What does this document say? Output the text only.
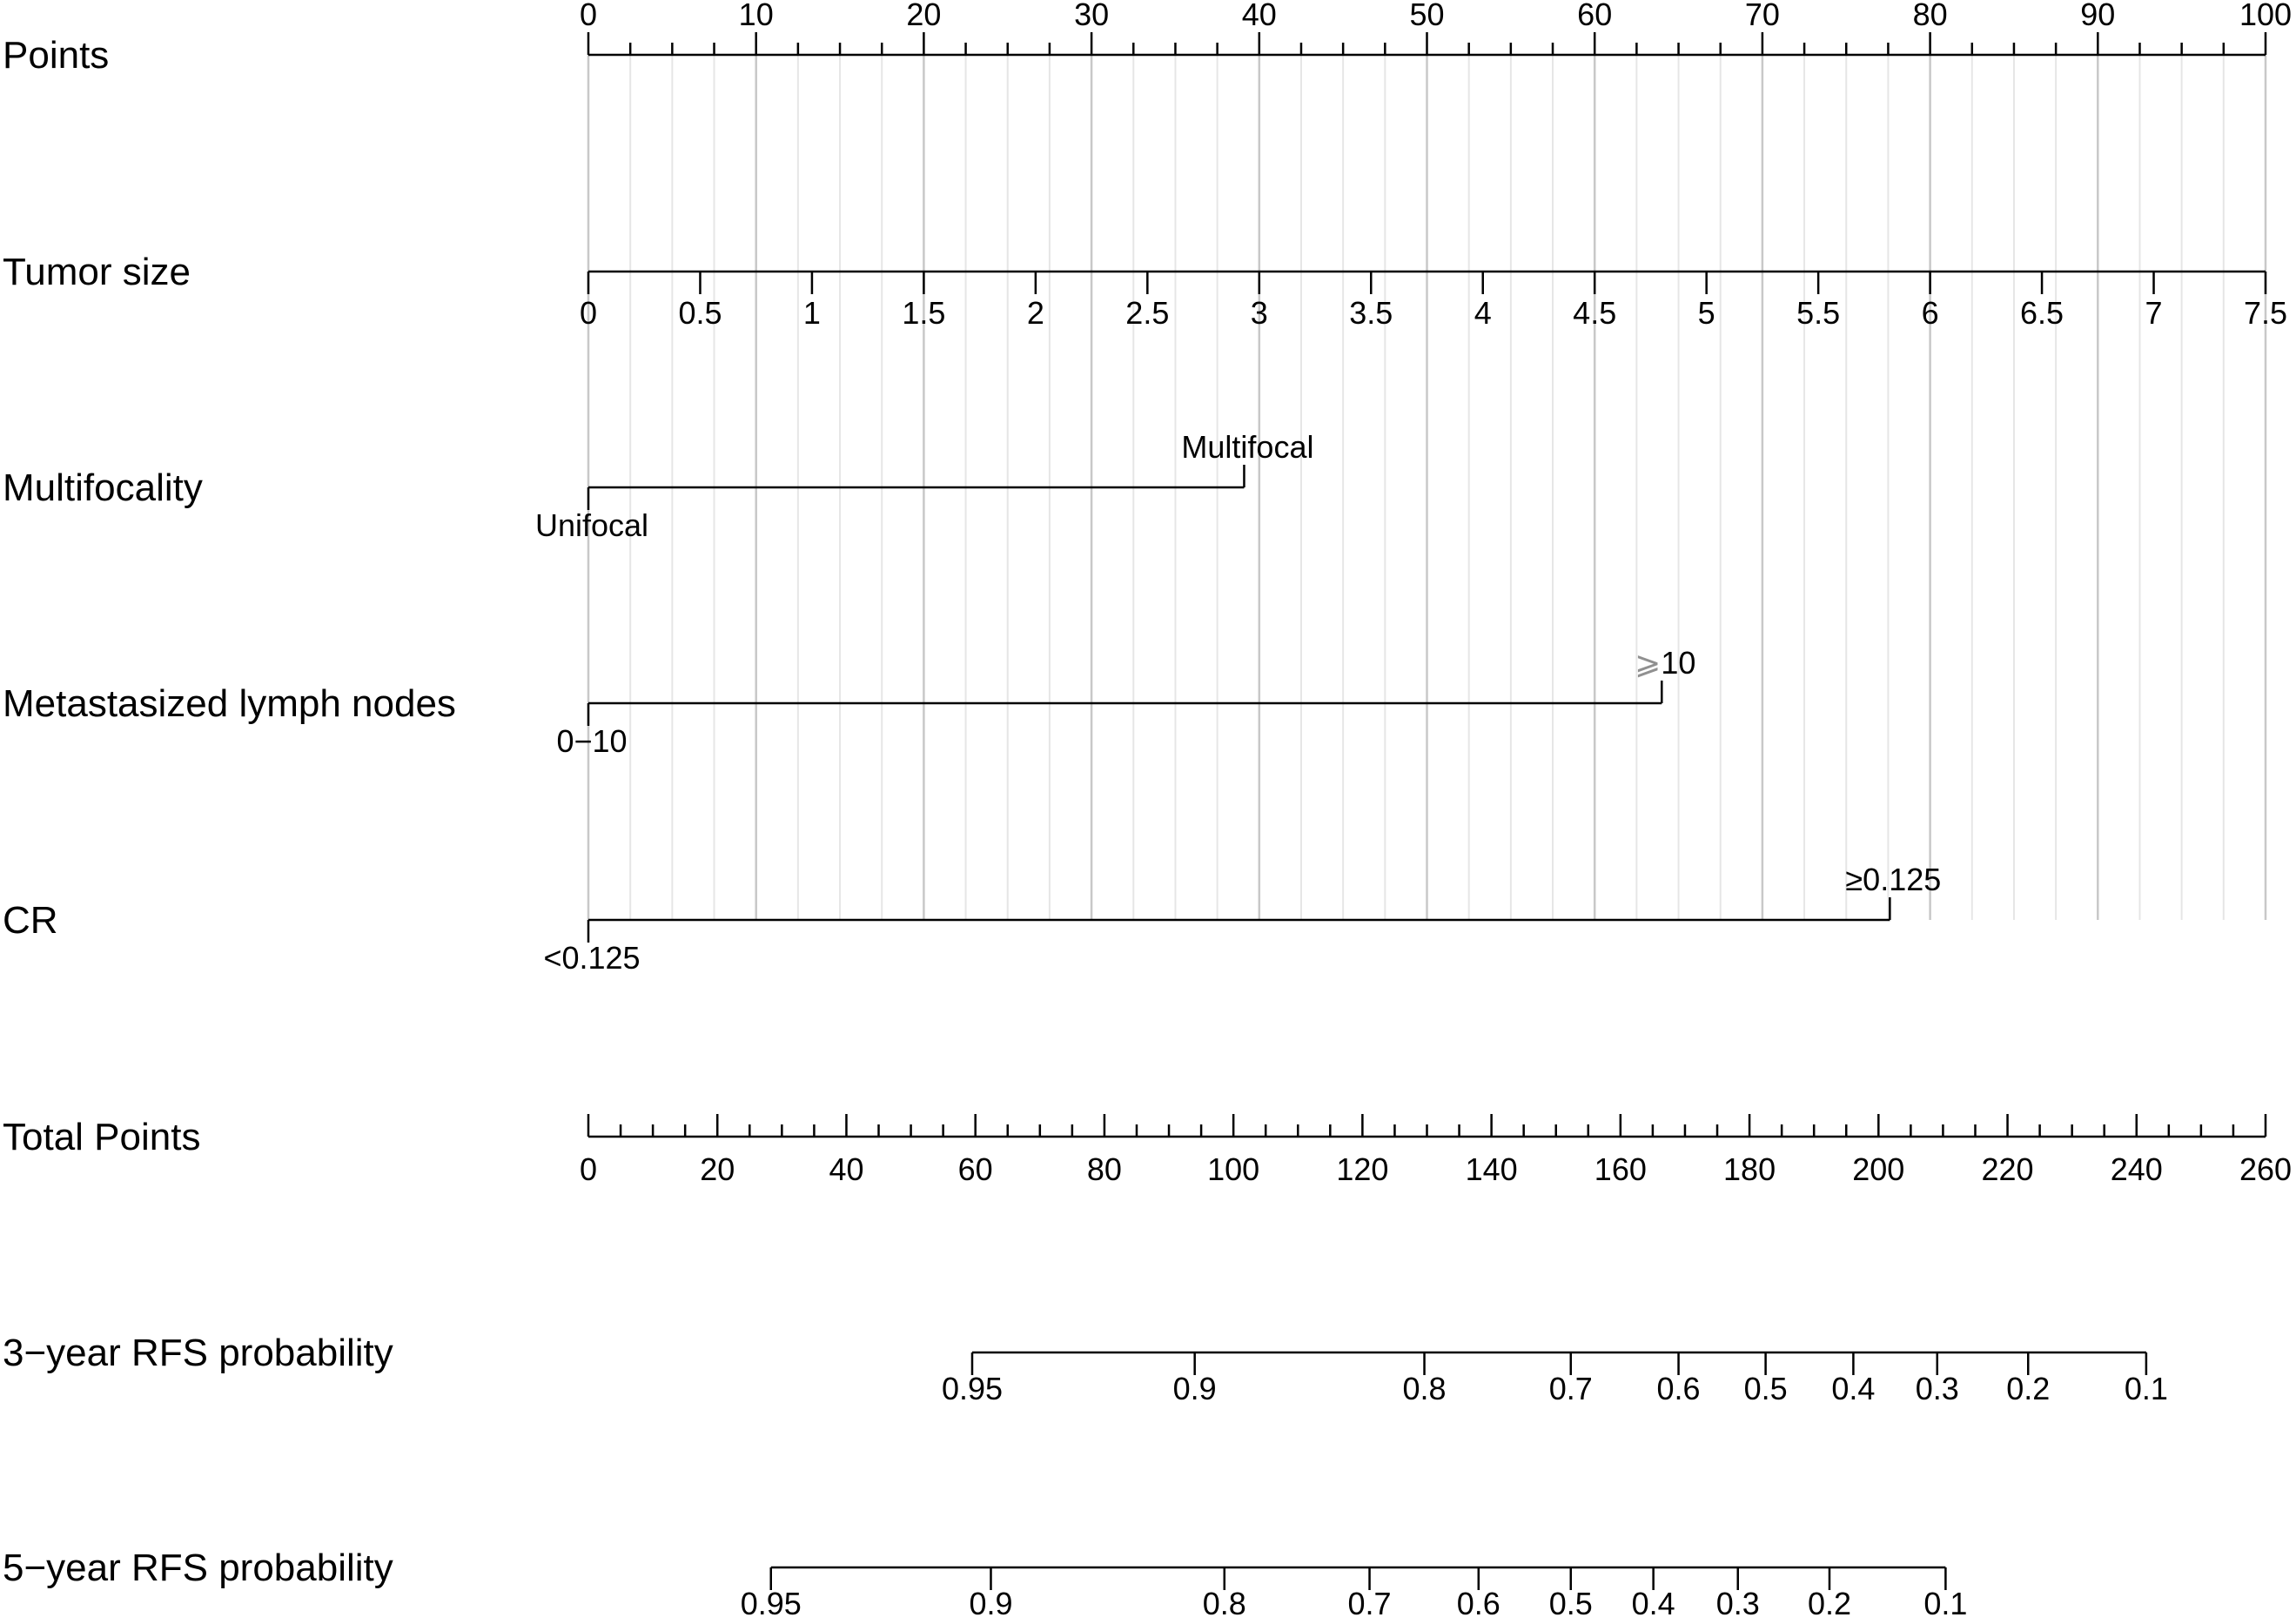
Points
0	10	20	30	40	50	60	70	80	90	100
Tumor size
0	0.5	1	1.5	2	2.5	3	3.5	4	4.5	5	5.5	6	6.5	7	7.5
Multifocality
Unifocal
Multifocal
Metastasized lymph nodes
0−10
⩾10
CR
<0.125
≥0.125
Total Points
0	20	40	60	80	100 120 140 160 180 200 220 240 260
3−year RFS probability
0.95	0.9	0.8	0.7 0.6 0.5 0.4 0.3 0.2 0.1
5−year RFS probability
0.95	0.9	0.8	0.7 0.6 0.5 0.4 0.3 0.2 0.1
